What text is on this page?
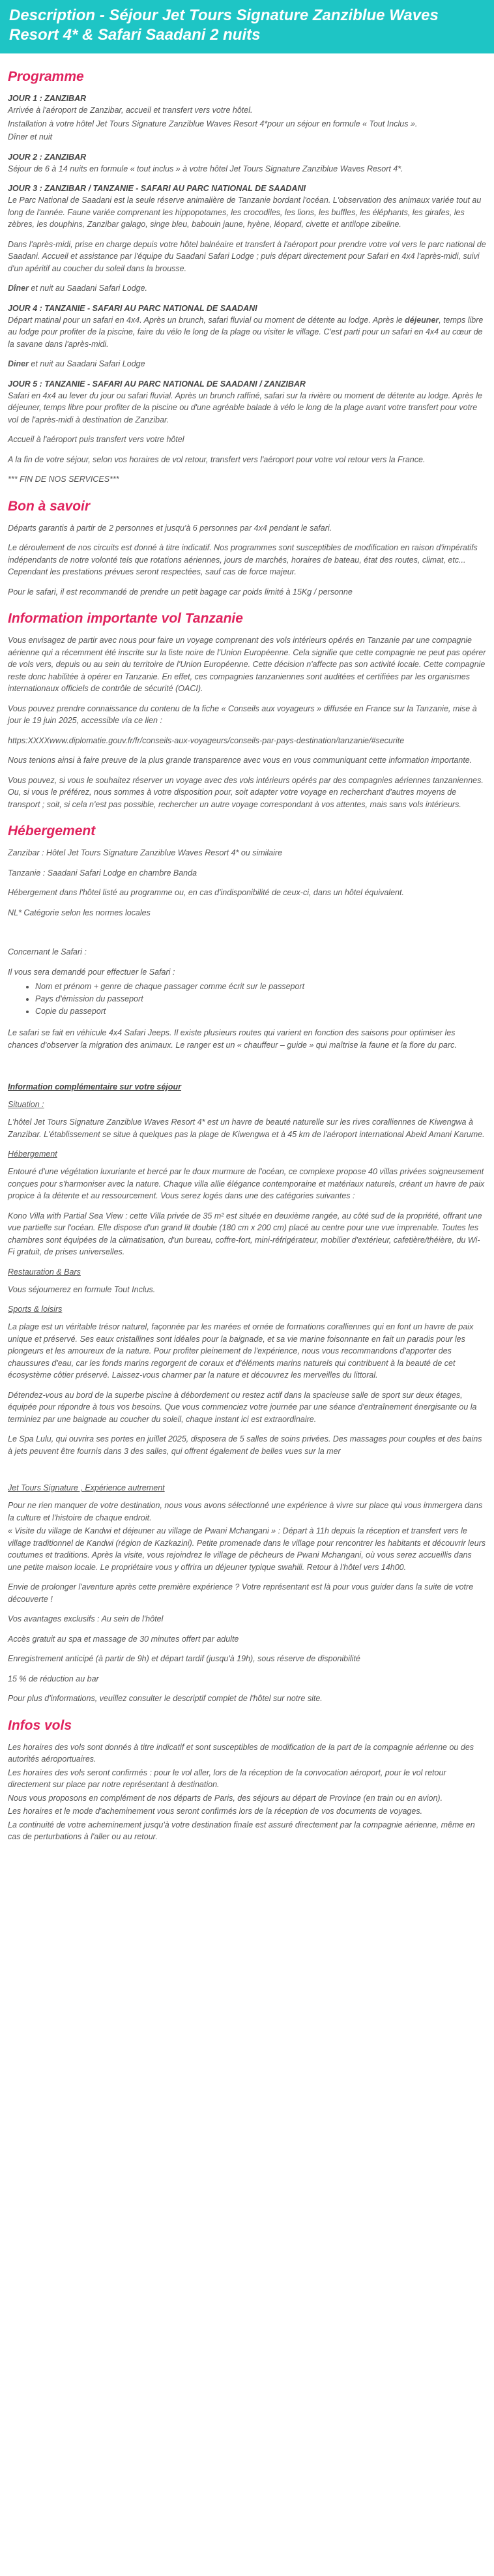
Description - Séjour Jet Tours Signature Zanziblue Waves Resort 4* & Safari Saadani 2 nuits
Programme
JOUR 1 : ZANZIBAR

Arrivée à l'aéroport de Zanzibar, accueil et transfert vers votre hôtel.

Installation à votre hôtel Jet Tours Signature Zanziblue Waves Resort 4*pour un séjour en formule « Tout Inclus ».

Dîner et nuit

JOUR 2 : ZANZIBAR

Séjour de 6 à 14 nuits en formule « tout inclus » à votre hôtel Jet Tours Signature Zanziblue Waves Resort 4*.

JOUR 3 : ZANZIBAR / TANZANIE - SAFARI AU PARC NATIONAL DE SAADANI

Le Parc National de Saadani est la seule réserve animalière de Tanzanie bordant l'océan. L'observation des animaux variée tout au long de l'année. Faune variée comprenant les hippopotames, les crocodiles, les lions, les buffles, les éléphants, les girafes, les zèbres, les douphins, Zanzibar galago, singe bleu, babouin jaune, hyène, léopard, civette et antilope zibeline.

Dans l'après-midi, prise en charge depuis votre hôtel balnéaire et transfert à l'aéroport pour prendre votre vol vers le parc national de Saadani. Accueil et assistance par l'équipe du Saadani Safari Lodge ; puis départ directement pour Safari en 4x4 l'après-midi, suivi d'un apéritif au coucher du soleil dans la brousse.

Dîner et nuit au Saadani Safari Lodge.

JOUR 4 : TANZANIE - SAFARI AU PARC NATIONAL DE SAADANI

Départ matinal pour un safari en 4x4. Après un brunch, safari fluvial ou moment de détente au lodge. Après le déjeuner, temps libre au lodge pour profiter de la piscine, faire du vélo le long de la plage ou visiter le village. C'est parti pour un safari en 4x4 au cœur de la savane dans l'après-midi.

Diner et nuit au Saadani Safari Lodge

JOUR 5 : TANZANIE - SAFARI AU PARC NATIONAL DE SAADANI / ZANZIBAR

Safari en 4x4 au lever du jour ou safari fluvial. Après un brunch raffiné, safari sur la rivière ou moment de détente au lodge. Après le déjeuner, temps libre pour profiter de la piscine ou d'une agréable balade à vélo le long de la plage avant votre transfert pour votre vol de l'après-midi à destination de Zanzibar.

Accueil à l'aéroport puis transfert vers votre hôtel

A la fin de votre séjour, selon vos horaires de vol retour, transfert vers l'aéroport pour votre vol retour vers la France.

*** FIN DE NOS SERVICES***

Bon à savoir

Départs garantis à partir de 2 personnes et jusqu'à 6 personnes par 4x4 pendant le safari.

Le déroulement de nos circuits est donné à titre indicatif. Nos programmes sont susceptibles de modification en raison d'impératifs indépendants de notre volonté tels que rotations aériennes, jours de marchés, horaires de bateau, état des routes, climat, etc... Cependant les prestations prévues seront respectées, sauf cas de force majeur.

Pour le safari, il est recommandé de prendre un petit bagage car poids limité à 15Kg / personne

Information importante vol Tanzanie

Vous envisagez de partir avec nous pour faire un voyage comprenant des vols intérieurs opérés en Tanzanie par une compagnie aérienne qui a récemment été inscrite sur la liste noire de l'Union Européenne. Cela signifie que cette compagnie ne peut pas opérer de vols vers, depuis ou au sein du territoire de l'Union Européenne. Cette décision n'affecte pas son activité locale. Cette compagnie reste donc habilitée à opérer en Tanzanie. En effet, ces compagnies tanzaniennes sont auditées et certifiées par les organismes internationaux officiels de contrôle de sécurité (OACI).

Vous pouvez prendre connaissance du contenu de la fiche « Conseils aux voyageurs » diffusée en France sur la Tanzanie, mise à jour le 19 juin 2025, accessible via ce lien :

https:XXXXwww.diplomatie.gouv.fr/fr/conseils-aux-voyageurs/conseils-par-pays-destination/tanzanie/#securite

Nous tenions ainsi à faire preuve de la plus grande transparence avec vous en vous communiquant cette information importante.

Vous pouvez, si vous le souhaitez réserver un voyage avec des vols intérieurs opérés par des compagnies aériennes tanzaniennes. Ou, si vous le préférez, nous sommes à votre disposition pour, soit adapter votre voyage en recherchant d'autres moyens de transport ; soit, si cela n'est pas possible, rechercher un autre voyage correspondant à vos attentes, mais sans vols intérieurs.

Hébergement

Zanzibar : Hôtel Jet Tours Signature Zanziblue Waves Resort 4* ou similaire

Tanzanie : Saadani Safari Lodge en chambre Banda

Hébergement dans l'hôtel listé au programme ou, en cas d'indisponibilité de ceux-ci, dans un hôtel équivalent.

NL* Catégorie selon les normes locales

Concernant le Safari :

Il vous sera demandé pour effectuer le Safari :

• Nom et prénom + genre de chaque passager comme écrit sur le passeport
• Pays d'émission du passeport
• Copie du passeport

Le safari se fait en véhicule 4x4 Safari Jeeps. Il existe plusieurs routes qui varient en fonction des saisons pour optimiser les chances d'observer la migration des animaux. Le ranger est un « chauffeur – guide » qui maîtrise la faune et la flore du parc.

Information complémentaire sur votre séjour
Situation :

L'hôtel Jet Tours Signature Zanziblue Waves Resort 4* est un havre de beauté naturelle sur les rives coralliennes de Kiwengwa à Zanzibar. L'établissement se situe à quelques pas la plage de Kiwengwa et à 45 km de l'aéroport international Abeid Amani Karume.

Hébergement

Entouré d'une végétation luxuriante et bercé par le doux murmure de l'océan, ce complexe propose 40 villas privées soigneusement conçues pour s'harmoniser avec la nature. Chaque villa allie élégance contemporaine et matériaux naturels, créant un havre de paix propice à la détente et au ressourcement. Vous serez logés dans une des catégories suivantes :

Kono Villa with Partial Sea View : cette Villa privée de 35 m² est située en deuxième rangée, au côté sud de la propriété, offrant une vue partielle sur l'océan. Elle dispose d'un grand lit double (180 cm x 200 cm) placé au centre pour une vue imprenable. Toutes les chambres sont équipées de la climatisation, d'un bureau, coffre-fort, mini-réfrigérateur, mobilier d'extérieur, cafetière/théière, du Wi-Fi gratuit, de prises universelles.

Restauration & Bars

Vous séjournerez en formule Tout Inclus.

Sports & loisirs

La plage est un véritable trésor naturel, façonnée par les marées et ornée de formations coralliennes qui en font un havre de paix unique et préservé. Ses eaux cristallines sont idéales pour la baignade, et sa vie marine foisonnante en fait un paradis pour les plongeurs et les amoureux de la nature. Pour profiter pleinement de l'expérience, nous vous recommandons d'apporter des chaussures d'eau, car les fonds marins regorgent de coraux et d'éléments marins naturels qui contribuent à la beauté de cet écosystème côtier préservé. Laissez-vous charmer par la nature et découvrez les merveilles du littoral.

Détendez-vous au bord de la superbe piscine à débordement ou restez actif dans la spacieuse salle de sport sur deux étages, équipée pour répondre à tous vos besoins. Que vous commenciez votre journée par une séance d'entraînement énergisante ou la terminiez par une baignade au coucher du soleil, chaque instant ici est extraordinaire.

Le Spa Lulu, qui ouvrira ses portes en juillet 2025, disposera de 5 salles de soins privées. Des massages pour couples et des bains à jets peuvent être fournis dans 3 des salles, qui offrent également de belles vues sur la mer

Jet Tours Signature , Expérience autrement

Pour ne rien manquer de votre destination, nous vous avons sélectionné une expérience à vivre sur place qui vous immergera dans la culture et l'histoire de chaque endroit.

« Visite du village de Kandwi et déjeuner au village de Pwani Mchangani » : Départ à 11h depuis la réception et transfert vers le village traditionnel de Kandwi (région de Kazkazini). Petite promenade dans le village pour rencontrer les habitants et découvrir leurs coutumes et traditions. Après la visite, vous rejoindrez le village de pêcheurs de Pwani Mchangani, où vous serez accueillis dans une petite maison locale. Le propriétaire vous y offrira un déjeuner typique swahili. Retour à l'hôtel vers 14h00.

Envie de prolonger l'aventure après cette première expérience ? Votre représentant est là pour vous guider dans la suite de votre découverte !

Vos avantages exclusifs : Au sein de l'hôtel

Accès gratuit au spa et massage de 30 minutes offert par adulte

Enregistrement anticipé (à partir de 9h) et départ tardif (jusqu'à 19h), sous réserve de disponibilité

15 % de réduction au bar

Pour plus d'informations, veuillez consulter le descriptif complet de l'hôtel sur notre site.

Infos vols

Les horaires des vols sont donnés à titre indicatif et sont susceptibles de modification de la part de la compagnie aérienne ou des autorités aéroportuaires.

Les horaires des vols seront confirmés : pour le vol aller, lors de la réception de la convocation aéroport, pour le vol retour directement sur place par notre représentant à destination.

Nous vous proposons en complément de nos départs de Paris, des séjours au départ de Province (en train ou en avion).

Les horaires et le mode d'acheminement vous seront confirmés lors de la réception de vos documents de voyages.

La continuité de votre acheminement jusqu'à votre destination finale est assuré directement par la compagnie aérienne, même en cas de perturbations à l'aller ou au retour.
